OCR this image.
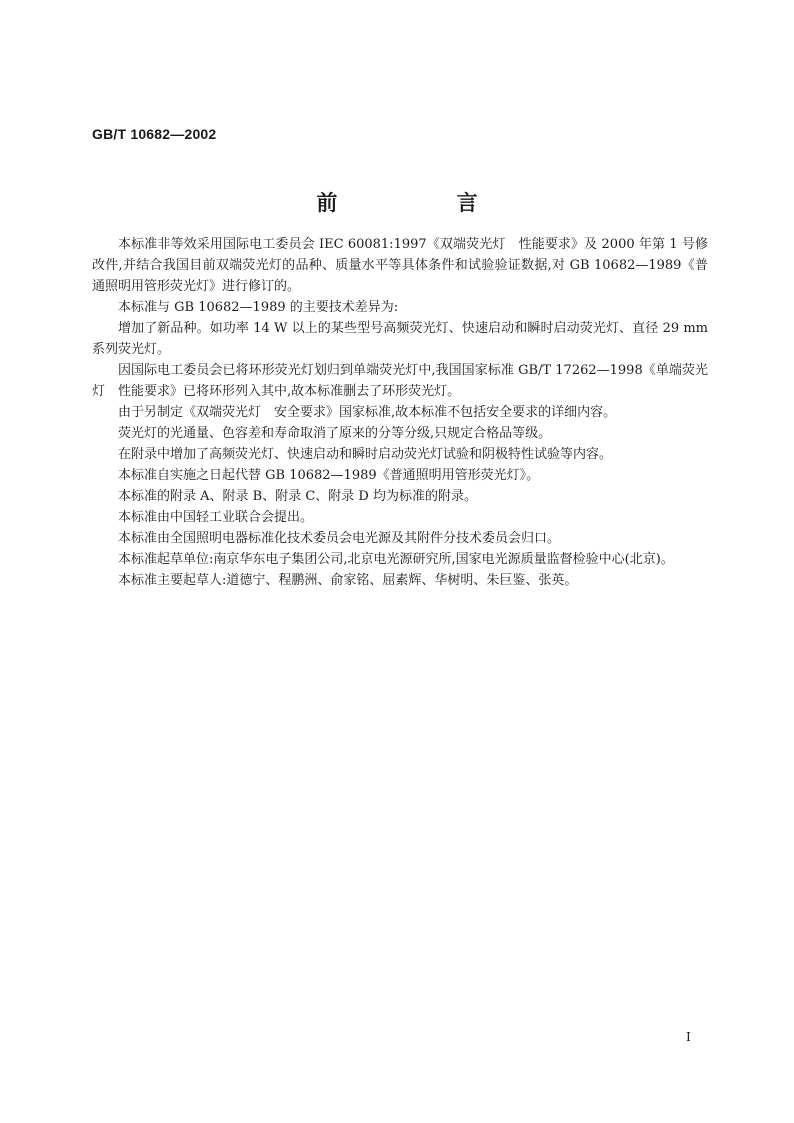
GB/T 10682—2002
前 言

本标准非等效采用国际电工委员会 IEC 60081:1997《双端荧光灯　性能要求》及 2000 年第 1 号修改件,并结合我国目前双端荧光灯的品种、质量水平等具体条件和试验验证数据,对 GB 10682—1989《普通照明用管形荧光灯》进行修订的。

本标准与 GB 10682—1989 的主要技术差异为:

增加了新品种。如功率 14 W 以上的某些型号高频荧光灯、快速启动和瞬时启动荧光灯、直径 29 mm系列荧光灯。

因国际电工委员会已将环形荧光灯划归到单端荧光灯中,我国国家标准 GB/T 17262—1998《单端荧光灯　性能要求》已将环形列入其中,故本标准删去了环形荧光灯。

由于另制定《双端荧光灯　安全要求》国家标准,故本标准不包括安全要求的详细内容。

荧光灯的光通量、色容差和寿命取消了原来的分等分级,只规定合格品等级。

在附录中增加了高频荧光灯、快速启动和瞬时启动荧光灯试验和阴极特性试验等内容。

本标准自实施之日起代替 GB 10682—1989《普通照明用管形荧光灯》。

本标准的附录 A、附录 B、附录 C、附录 D 均为标准的附录。

本标准由中国轻工业联合会提出。

本标准由全国照明电器标准化技术委员会电光源及其附件分技术委员会归口。

本标准起草单位:南京华东电子集团公司,北京电光源研究所,国家电光源质量监督检验中心(北京)。

本标准主要起草人:道德宁、程鹏洲、俞家铭、屈素辉、华树明、朱巨鉴、张英。

I
